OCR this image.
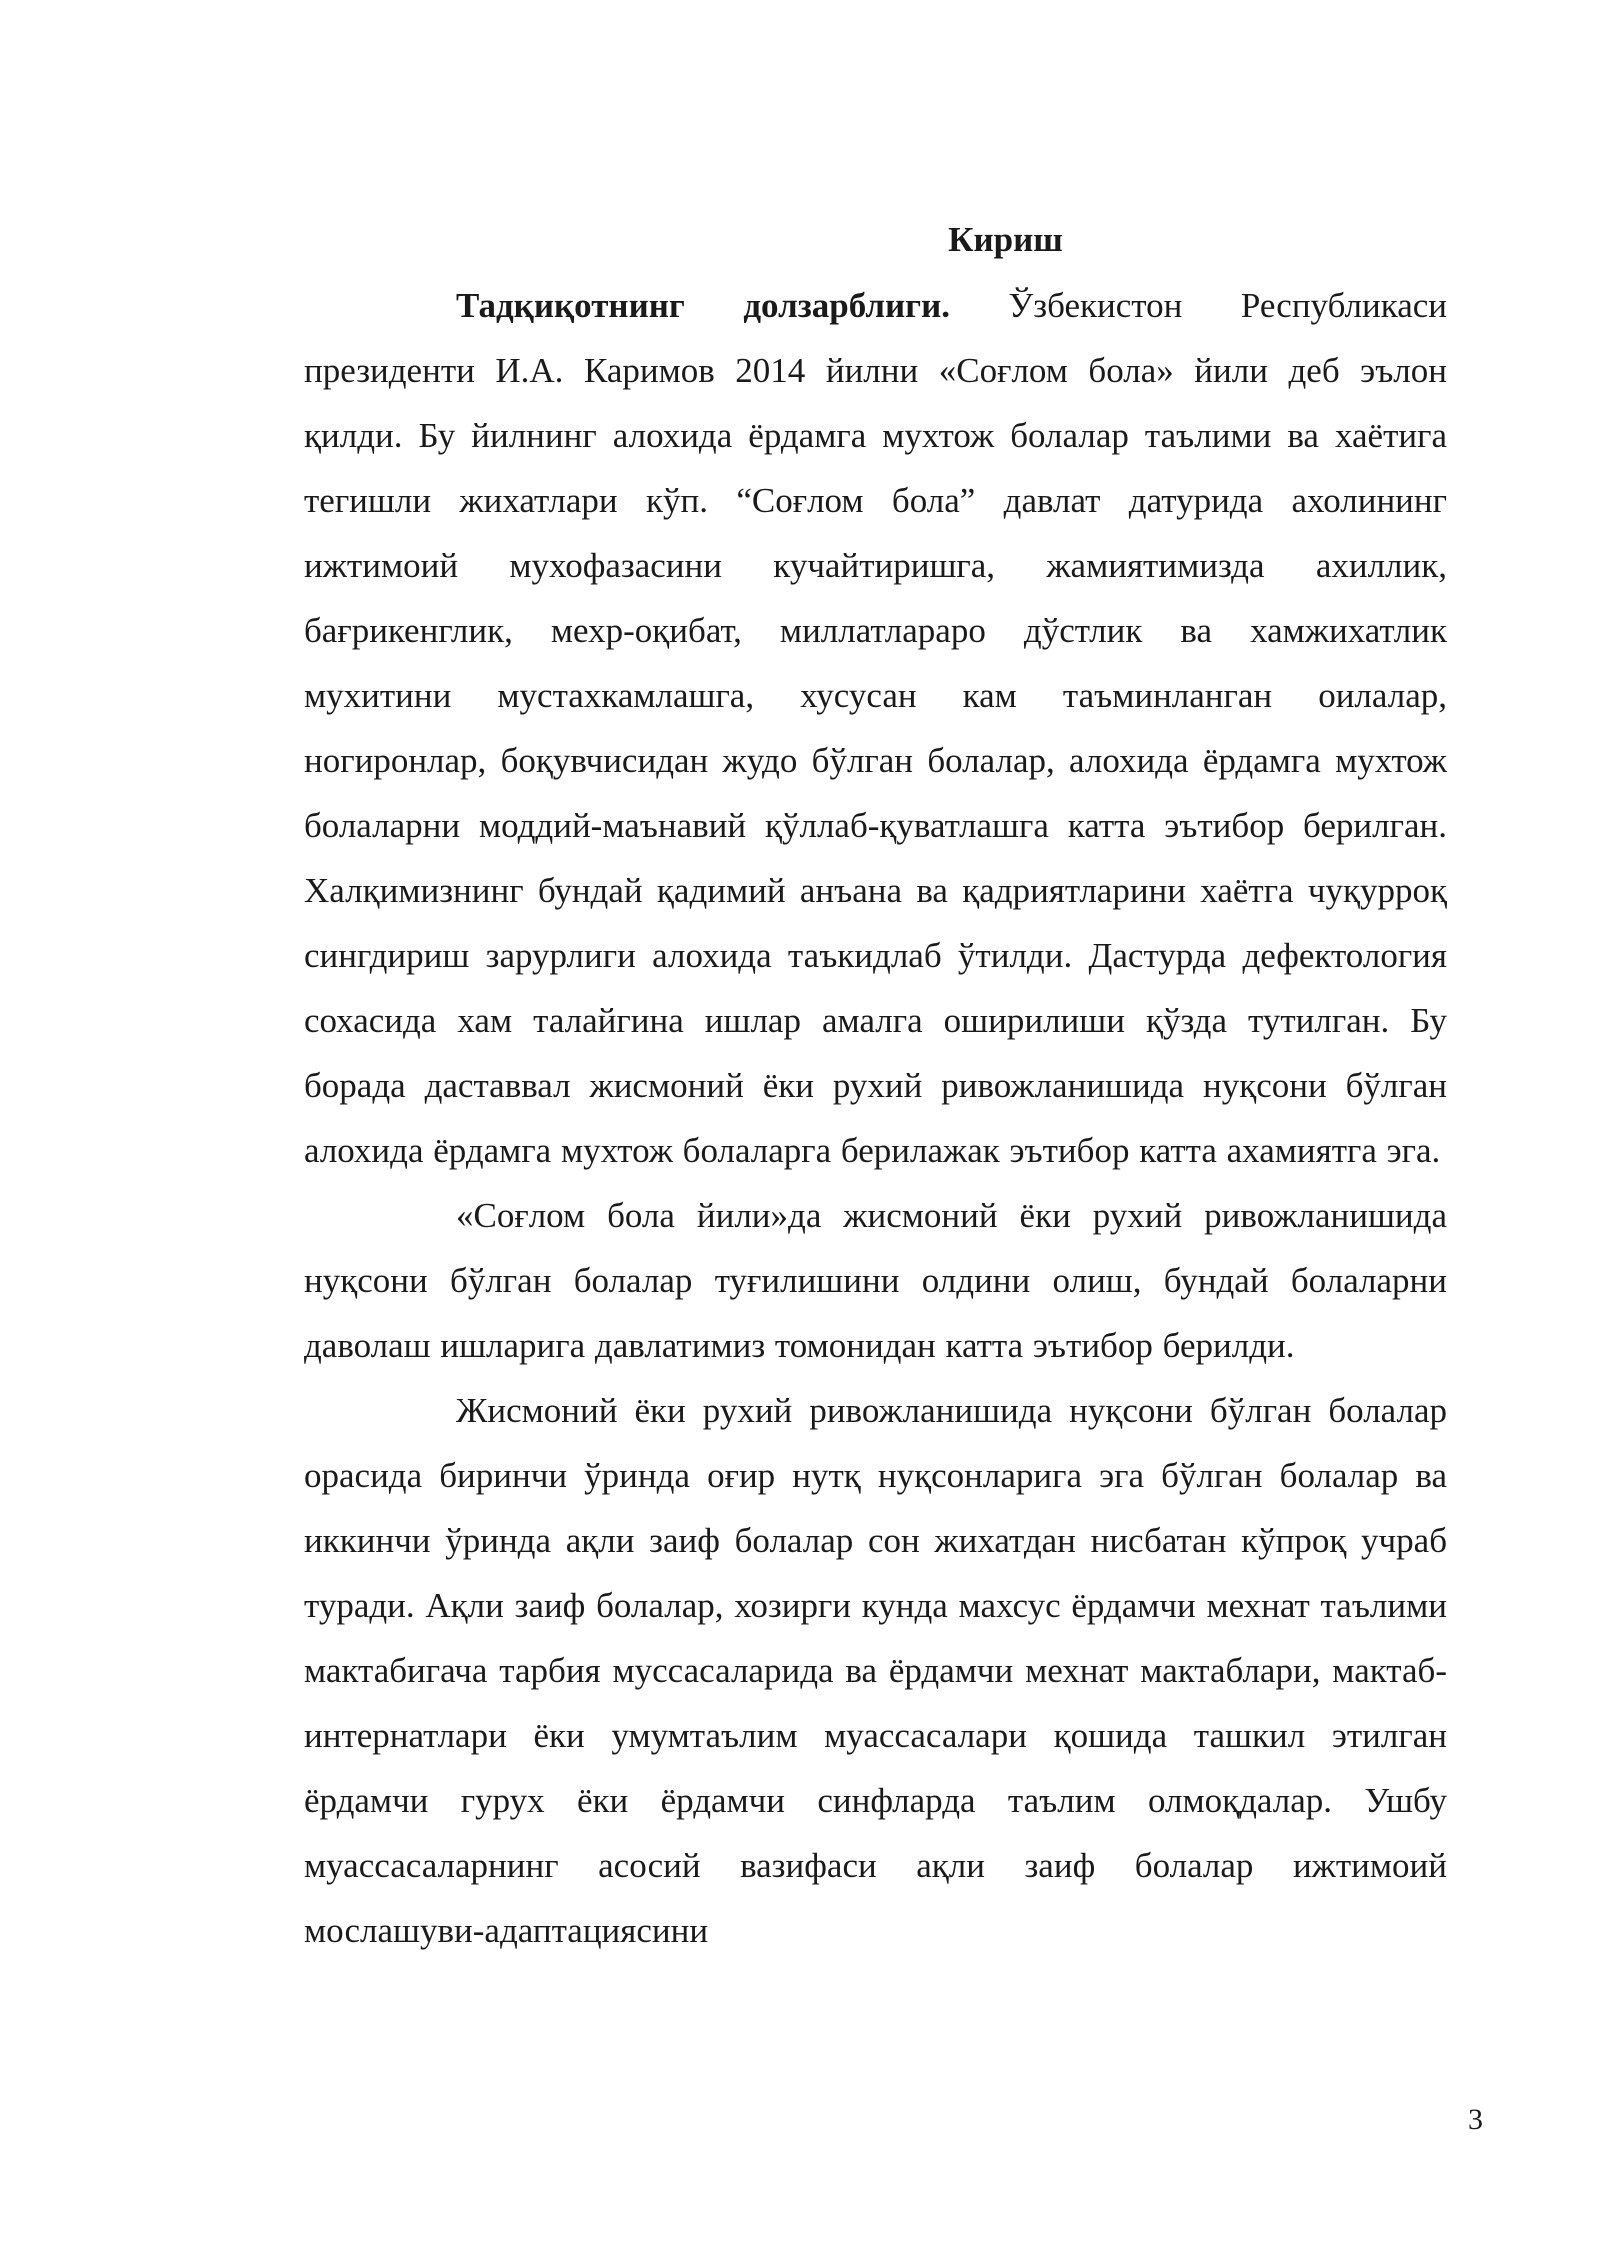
Кириш

Тадқиқотнинг долзарблиги. Ўзбекистон Республикаси президенти И.А. Каримов 2014 йилни «Соғлом бола» йили деб эълон қилди. Бу йилнинг алохида ёрдамга мухтож болалар таълими ва хаётига тегишли жихатлари кўп. “Соғлом бола” давлат датурида ахолининг ижтимоий мухофазасини кучайтиришга, жамиятимизда ахиллик, бағрикенглик, мехр-оқибат, миллатлараро дўстлик ва хамжихатлик мухитини мустахкамлашга, хусусан кам таъминланган оилалар, ногиронлар, боқувчисидан жудо бўлган болалар, алохида ёрдамга мухтож болаларни моддий-маънавий қўллаб-қуватлашга катта эътибор берилган. Халқимизнинг бундай қадимий анъана ва қадриятларини хаётга чуқурроқ сингдириш зарурлиги алохида таъкидлаб ўтилди. Дастурда дефектология сохасида хам талайгина ишлар амалга оширилиши қўзда тутилган. Бу борада даставвал жисмоний ёки рухий ривожланишида нуқсони бўлган алохида ёрдамга мухтож болаларга берилажак эътибор катта ахамиятга эга.

«Соғлом бола йили»да жисмоний ёки рухий ривожланишида нуқсони бўлган болалар туғилишини олдини олиш, бундай болаларни даволаш ишларига давлатимиз томонидан катта эътибор берилди.

Жисмоний ёки рухий ривожланишида нуқсони бўлган болалар орасида биринчи ўринда оғир нутқ нуқсонларига эга бўлган болалар ва иккинчи ўринда ақли заиф болалар сон жихатдан нисбатан кўпроқ учраб туради. Ақли заиф болалар, хозирги кунда махсус ёрдамчи мехнат таълими мактабигача тарбия муссасаларида ва ёрдамчи мехнат мактаблари, мактаб-интернатлари ёки умумтаълим муассасалари қошида ташкил этилган ёрдамчи гурух ёки ёрдамчи синфларда таълим олмоқдалар. Ушбу муассасаларнинг асосий вазифаси ақли заиф болалар ижтимоий мослашуви-адаптациясини

3
